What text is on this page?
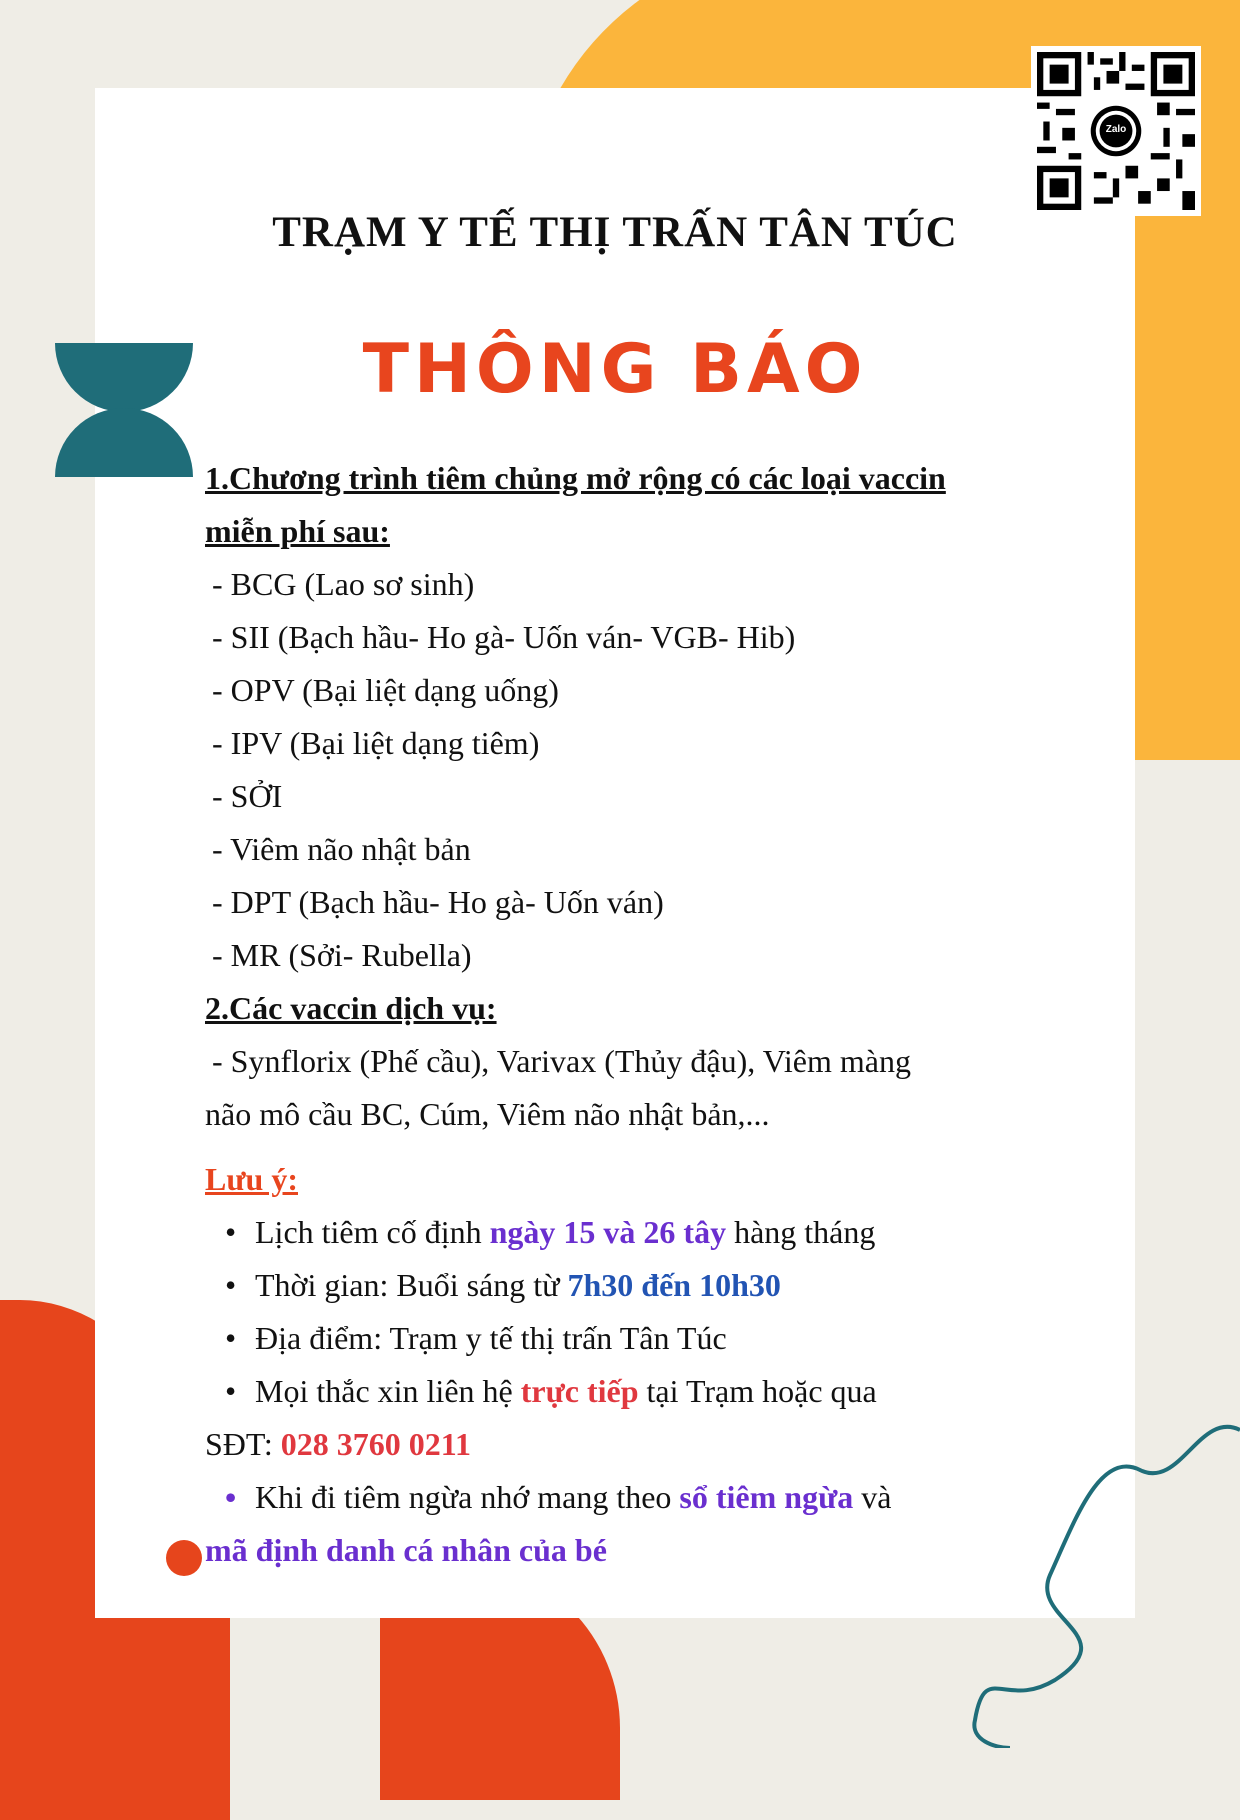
Zalo
TRẠM Y TẾ THỊ TRẤN TÂN TÚC
THÔNG BÁO
1.Chương trình tiêm chủng mở rộng có các loại vaccin
miễn phí sau:
- BCG (Lao sơ sinh)
- SII (Bạch hầu- Ho gà- Uốn ván- VGB- Hib)
- OPV (Bại liệt dạng uống)
- IPV (Bại liệt dạng tiêm)
- SỞI
- Viêm não nhật bản
- DPT (Bạch hầu- Ho gà- Uốn ván)
- MR (Sởi- Rubella)
2.Các vaccin dịch vụ:
- Synflorix (Phế cầu), Varivax (Thủy đậu), Viêm màng
não mô cầu BC, Cúm, Viêm não nhật bản,...
Lưu ý:
• Lịch tiêm cố định ngày 15 và 26 tây hàng tháng
• Thời gian: Buổi sáng từ 7h30 đến 10h30
• Địa điểm: Trạm y tế thị trấn Tân Túc
• Mọi thắc xin liên hệ trực tiếp tại Trạm hoặc qua
SĐT: 028 3760 0211
• Khi đi tiêm ngừa nhớ mang theo sổ tiêm ngừa và
mã định danh cá nhân của bé
